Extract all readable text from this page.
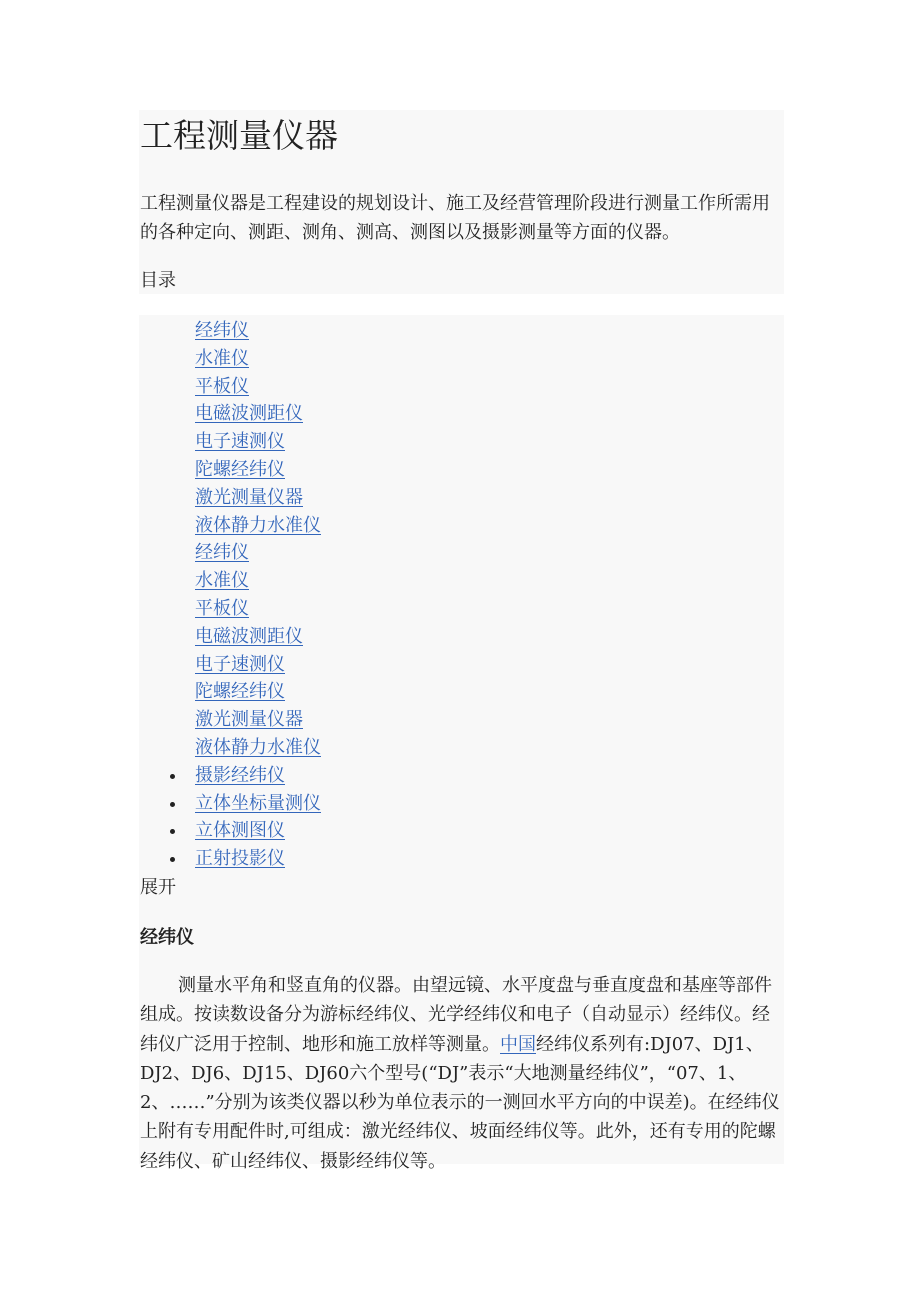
工程测量仪器

工程测量仪器是工程建设的规划设计、施工及经营管理阶段进行测量工作所需用的各种定向、测距、测角、测高、测图以及摄影测量等方面的仪器。

目录

经纬仪
水准仪
平板仪
电磁波测距仪
电子速测仪
陀螺经纬仪
激光测量仪器
液体静力水准仪
经纬仪
水准仪
平板仪
电磁波测距仪
电子速测仪
陀螺经纬仪
激光测量仪器
液体静力水准仪
摄影经纬仪
立体坐标量测仪
立体测图仪
正射投影仪

展开

经纬仪

测量水平角和竖直角的仪器。由望远镜、水平度盘与垂直度盘和基座等部件组成。按读数设备分为游标经纬仪、光学经纬仪和电子（自动显示）经纬仪。经纬仪广泛用于控制、地形和施工放样等测量。中国经纬仪系列有:DJ07、DJ1、DJ2、DJ6、DJ15、DJ60六个型号(“DJ”表示“大地测量经纬仪”，“07、1、2、……”分别为该类仪器以秒为单位表示的一测回水平方向的中误差)。在经纬仪上附有专用配件时,可组成：激光经纬仪、坡面经纬仪等。此外，还有专用的陀螺经纬仪、矿山经纬仪、摄影经纬仪等。
